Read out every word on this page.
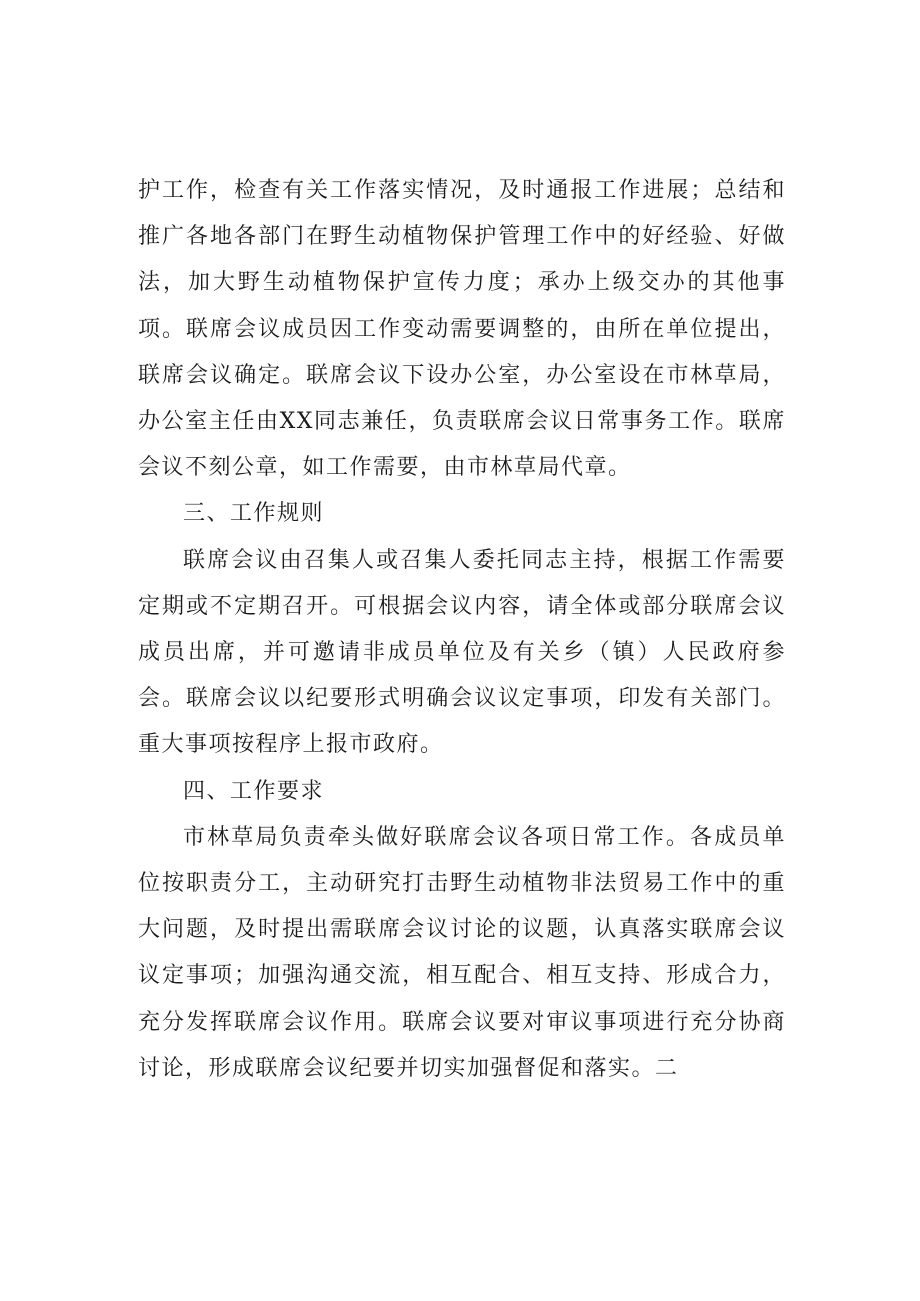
护工作，检查有关工作落实情况，及时通报工作进展；总结和推广各地各部门在野生动植物保护管理工作中的好经验、好做法，加大野生动植物保护宣传力度；承办上级交办的其他事项。联席会议成员因工作变动需要调整的，由所在单位提出，联席会议确定。联席会议下设办公室，办公室设在市林草局，办公室主任由XX同志兼任，负责联席会议日常事务工作。联席会议不刻公章，如工作需要，由市林草局代章。

三、工作规则

联席会议由召集人或召集人委托同志主持，根据工作需要定期或不定期召开。可根据会议内容，请全体或部分联席会议成员出席，并可邀请非成员单位及有关乡（镇）人民政府参会。联席会议以纪要形式明确会议议定事项，印发有关部门。重大事项按程序上报市政府。

四、工作要求

市林草局负责牵头做好联席会议各项日常工作。各成员单位按职责分工，主动研究打击野生动植物非法贸易工作中的重大问题，及时提出需联席会议讨论的议题，认真落实联席会议议定事项；加强沟通交流，相互配合、相互支持、形成合力，充分发挥联席会议作用。联席会议要对审议事项进行充分协商讨论，形成联席会议纪要并切实加强督促和落实。二
